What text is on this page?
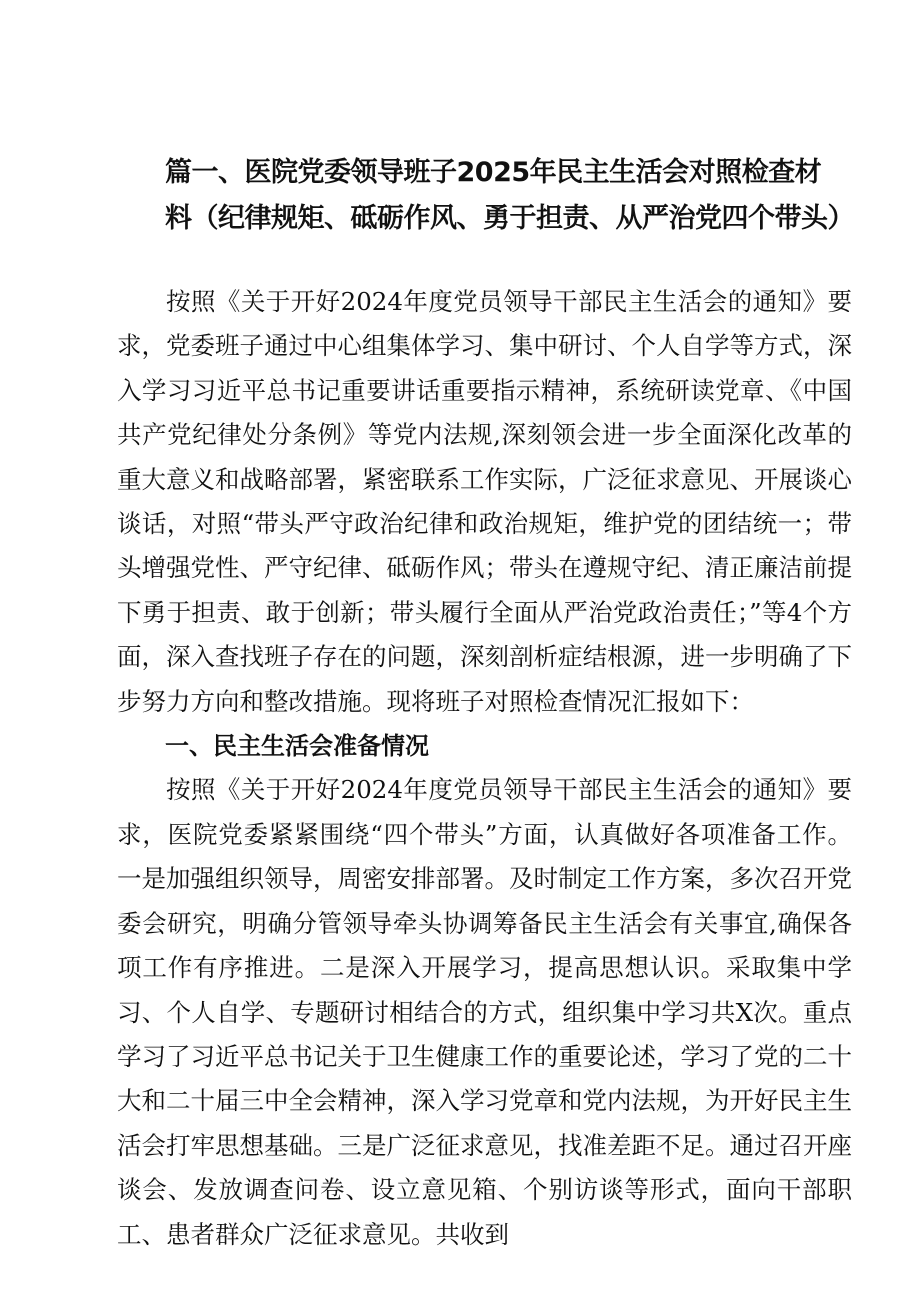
篇一、医院党委领导班子2025年民主生活会对照检查材料（纪律规矩、砥砺作风、勇于担责、从严治党四个带头）

按照《关于开好2024年度党员领导干部民主生活会的通知》要求，党委班子通过中心组集体学习、集中研讨、个人自学等方式，深入学习习近平总书记重要讲话重要指示精神，系统研读党章、《中国共产党纪律处分条例》等党内法规,深刻领会进一步全面深化改革的重大意义和战略部署，紧密联系工作实际，广泛征求意见、开展谈心谈话，对照“带头严守政治纪律和政治规矩，维护党的团结统一；带头增强党性、严守纪律、砥砺作风；带头在遵规守纪、清正廉洁前提下勇于担责、敢于创新；带头履行全面从严治党政治责任；”等4个方面，深入查找班子存在的问题，深刻剖析症结根源，进一步明确了下步努力方向和整改措施。现将班子对照检查情况汇报如下：

一、民主生活会准备情况

按照《关于开好2024年度党员领导干部民主生活会的通知》要求，医院党委紧紧围绕“四个带头”方面，认真做好各项准备工作。一是加强组织领导，周密安排部署。及时制定工作方案，多次召开党委会研究，明确分管领导牵头协调筹备民主生活会有关事宜,确保各项工作有序推进。二是深入开展学习，提高思想认识。采取集中学习、个人自学、专题研讨相结合的方式，组织集中学习共X次。重点学习了习近平总书记关于卫生健康工作的重要论述，学习了党的二十大和二十届三中全会精神，深入学习党章和党内法规，为开好民主生活会打牢思想基础。三是广泛征求意见，找准差距不足。通过召开座谈会、发放调查问卷、设立意见箱、个别访谈等形式，面向干部职工、患者群众广泛征求意见。共收到
